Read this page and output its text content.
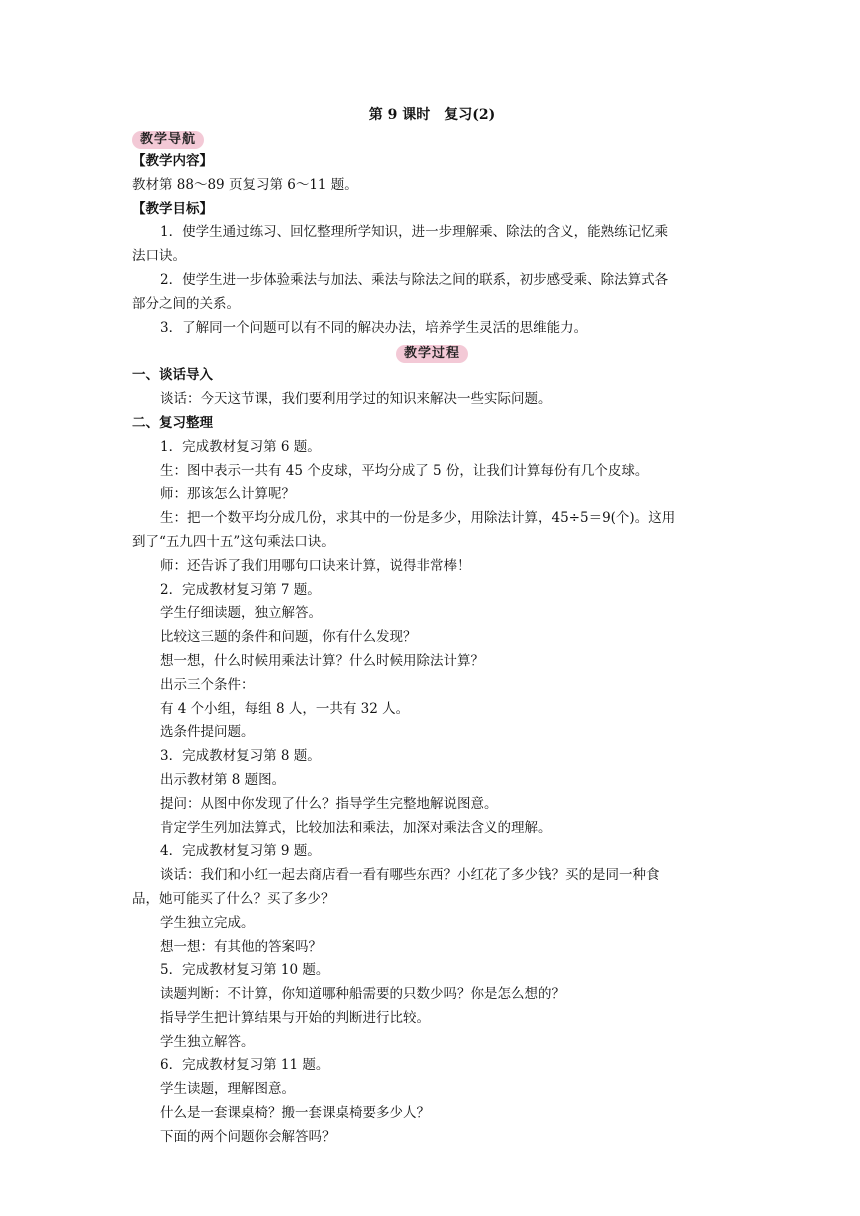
第 9 课时　复习(2)
教学导航
【教学内容】
教材第 88～89 页复习第 6～11 题。
【教学目标】
1．使学生通过练习、回忆整理所学知识，进一步理解乘、除法的含义，能熟练记忆乘
法口诀。
2．使学生进一步体验乘法与加法、乘法与除法之间的联系，初步感受乘、除法算式各
部分之间的关系。
3．了解同一个问题可以有不同的解决办法，培养学生灵活的思维能力。
教学过程
一、谈话导入
谈话：今天这节课，我们要利用学过的知识来解决一些实际问题。
二、复习整理
1．完成教材复习第 6 题。
生：图中表示一共有 45 个皮球，平均分成了 5 份，让我们计算每份有几个皮球。
师：那该怎么计算呢？
生：把一个数平均分成几份，求其中的一份是多少，用除法计算，45÷5＝9(个)。这用
到了“五九四十五”这句乘法口诀。
师：还告诉了我们用哪句口诀来计算，说得非常棒！
2．完成教材复习第 7 题。
学生仔细读题，独立解答。
比较这三题的条件和问题，你有什么发现？
想一想，什么时候用乘法计算？什么时候用除法计算？
出示三个条件：
有 4 个小组，每组 8 人，一共有 32 人。
选条件提问题。
3．完成教材复习第 8 题。
出示教材第 8 题图。
提问：从图中你发现了什么？指导学生完整地解说图意。
肯定学生列加法算式，比较加法和乘法，加深对乘法含义的理解。
4．完成教材复习第 9 题。
谈话：我们和小红一起去商店看一看有哪些东西？小红花了多少钱？买的是同一种食
品，她可能买了什么？买了多少？
学生独立完成。
想一想：有其他的答案吗？
5．完成教材复习第 10 题。
读题判断：不计算，你知道哪种船需要的只数少吗？你是怎么想的？
指导学生把计算结果与开始的判断进行比较。
学生独立解答。
6．完成教材复习第 11 题。
学生读题，理解图意。
什么是一套课桌椅？搬一套课桌椅要多少人？
下面的两个问题你会解答吗？
